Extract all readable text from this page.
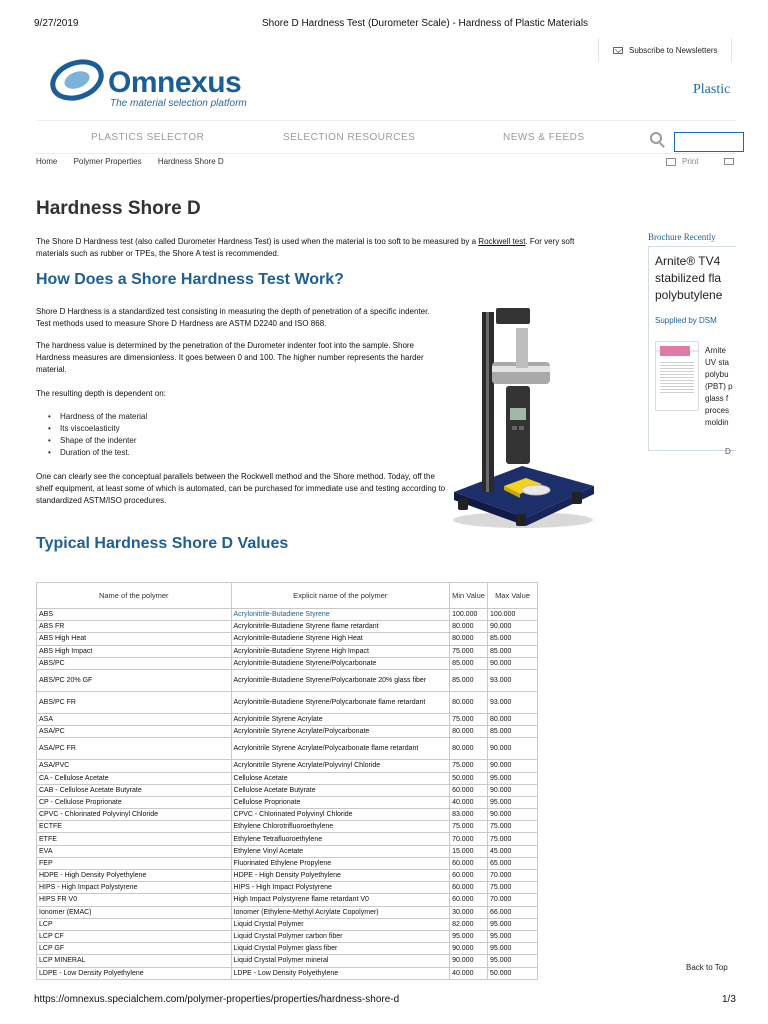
9/27/2019	Shore D Hardness Test (Durometer Scale) - Hardness of Plastic Materials
Subscribe to Newsletters
Omnexus
The material selection platform
Plastic
PLASTICS SELECTOR	SELECTION RESOURCES	NEWS & FEEDS
Home Polymer Properties Hardness Shore D	Print
Hardness Shore D

The Shore D Hardness test (also called Durometer Hardness Test) is used when the material is too soft to be measured by a Rockwell test. For very soft materials such as rubber or TPEs, the Shore A test is recommended.

How Does a Shore Hardness Test Work?

Shore D Hardness is a standardized test consisting in measuring the depth of penetration of a specific indenter. Test methods used to measure Shore D Hardness are ASTM D2240 and ISO 868.

The hardness value is determined by the penetration of the Durometer indenter foot into the sample. Shore Hardness measures are dimensionless. It goes between 0 and 100. The higher number represents the harder material.

The resulting depth is dependent on:

• Hardness of the material
• Its viscoelasticity
• Shape of the indenter
• Duration of the test.

One can clearly see the conceptual parallels between the Rockwell method and the Shore method. Today, off the shelf equipment, at least some of which is automated, can be purchased for immediate use and testing according to standardized ASTM/ISO procedures.

Brochure Recently
Arnite® TV4
stabilized fla
polybutylene
Supplied by DSM
Arnite
UV sta
polybu
(PBT) p
glass f
proces
moldin
D
Typical Hardness Shore D Values
Name of the polymer	Explicit name of the polymer	Min Value	Max Value
ABS	Acrylonitrile-Butadiene Styrene	100.000	100.000
ABS FR	Acrylonitrile-Butadiene Styrene flame retardant	80.000	90.000
ABS High Heat	Acrylonitrile-Butadiene Styrene High Heat	80.000	85.000
ABS High Impact	Acrylonitrile-Butadiene Styrene High Impact	75.000	85.000
ABS/PC	Acrylonitrile-Butadiene Styrene/Polycarbonate	85.000	90.000
ABS/PC 20% GF	Acrylonitrile-Butadiene Styrene/Polycarbonate 20% glass fiber	85.000	93.000
ABS/PC FR	Acrylonitrile-Butadiene Styrene/Polycarbonate flame retardant	80.000	93.000
ASA	Acrylonitrile Styrene Acrylate	75.000	80.000
ASA/PC	Acrylonitrile Styrene Acrylate/Polycarbonate	80.000	85.000
ASA/PC FR	Acrylonitrile Styrene Acrylate/Polycarbonate flame retardant	80.000	90.000
ASA/PVC	Acrylonitrile Styrene Acrylate/Polyvinyl Chloride	75.000	90.000
CA - Cellulose Acetate	Cellulose Acetate	50.000	95.000
CAB - Cellulose Acetate Butyrate	Cellulose Acetate Butyrate	60.000	90.000
CP - Cellulose Proprionate	Cellulose Proprionate	40.000	95.000
CPVC - Chlorinated Polyvinyl Chloride	CPVC - Chlorinated Polyvinyl Chloride	83.000	90.000
ECTFE	Ethylene Chlorotrifluoroethylene	75.000	75.000
ETFE	Ethylene Tetrafluoroethylene	70.000	75.000
EVA	Ethylene Vinyl Acetate	15.000	45.000
FEP	Fluorinated Ethylene Propylene	60.000	65.000
HDPE - High Density Polyethylene	HDPE - High Density Polyethylene	60.000	70.000
HIPS - High Impact Polystyrene	HIPS - High Impact Polystyrene	60.000	75.000
HIPS FR V0	High Impact Polystyrene flame retardant V0	60.000	70.000
Ionomer (EMAC)	Ionomer (Ethylene-Methyl Acrylate Copolymer)	30.000	66.000
LCP	Liquid Crystal Polymer	82.000	95.000
LCP CF	Liquid Crystal Polymer carbon fiber	95.000	95.000
LCP GF	Liquid Crystal Polymer glass fiber	90.000	95.000
LCP MINERAL	Liquid Crystal Polymer mineral	90.000	95.000
LDPE - Low Density Polyethylene	LDPE - Low Density Polyethylene	40.000	50.000
Back to Top
https://omnexus.specialchem.com/polymer-properties/properties/hardness-shore-d	1/3
